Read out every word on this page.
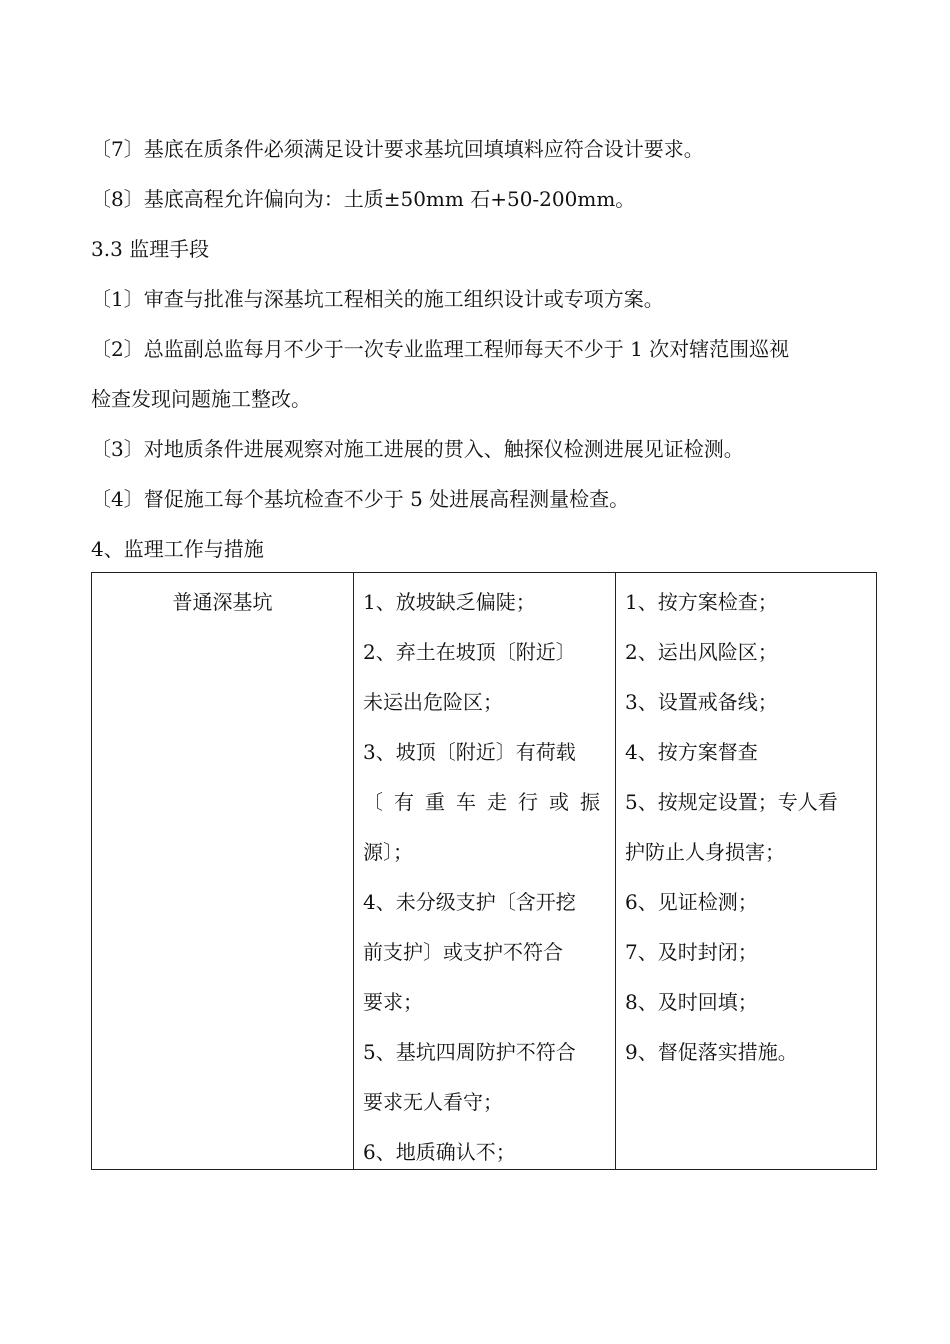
〔7〕基底在质条件必须满足设计要求基坑回填填料应符合设计要求。
〔8〕基底高程允许偏向为：土质±50mm 石+50-200mm。
3.3 监理手段
〔1〕审查与批准与深基坑工程相关的施工组织设计或专项方案。
〔2〕总监副总监每月不少于一次专业监理工程师每天不少于 1 次对辖范围巡视
检查发现问题施工整改。
〔3〕对地质条件进展观察对施工进展的贯入、触探仪检测进展见证检测。
〔4〕督促施工每个基坑检查不少于 5 处进展高程测量检查。
4、监理工作与措施
普通深基坑	1、放坡缺乏偏陡；
2、弃土在坡顶〔附近〕
未运出危险区；
3、坡顶〔附近〕有荷载
〔有重车走行或振
源〕；
4、未分级支护〔含开挖
前支护〕或支护不符合
要求；
5、基坑四周防护不符合
要求无人看守；
6、地质确认不；
1、按方案检查；
2、运出风险区；
3、设置戒备线；
4、按方案督查
5、按规定设置；专人看
护防止人身损害；
6、见证检测；
7、及时封闭；
8、及时回填；
9、督促落实措施。
